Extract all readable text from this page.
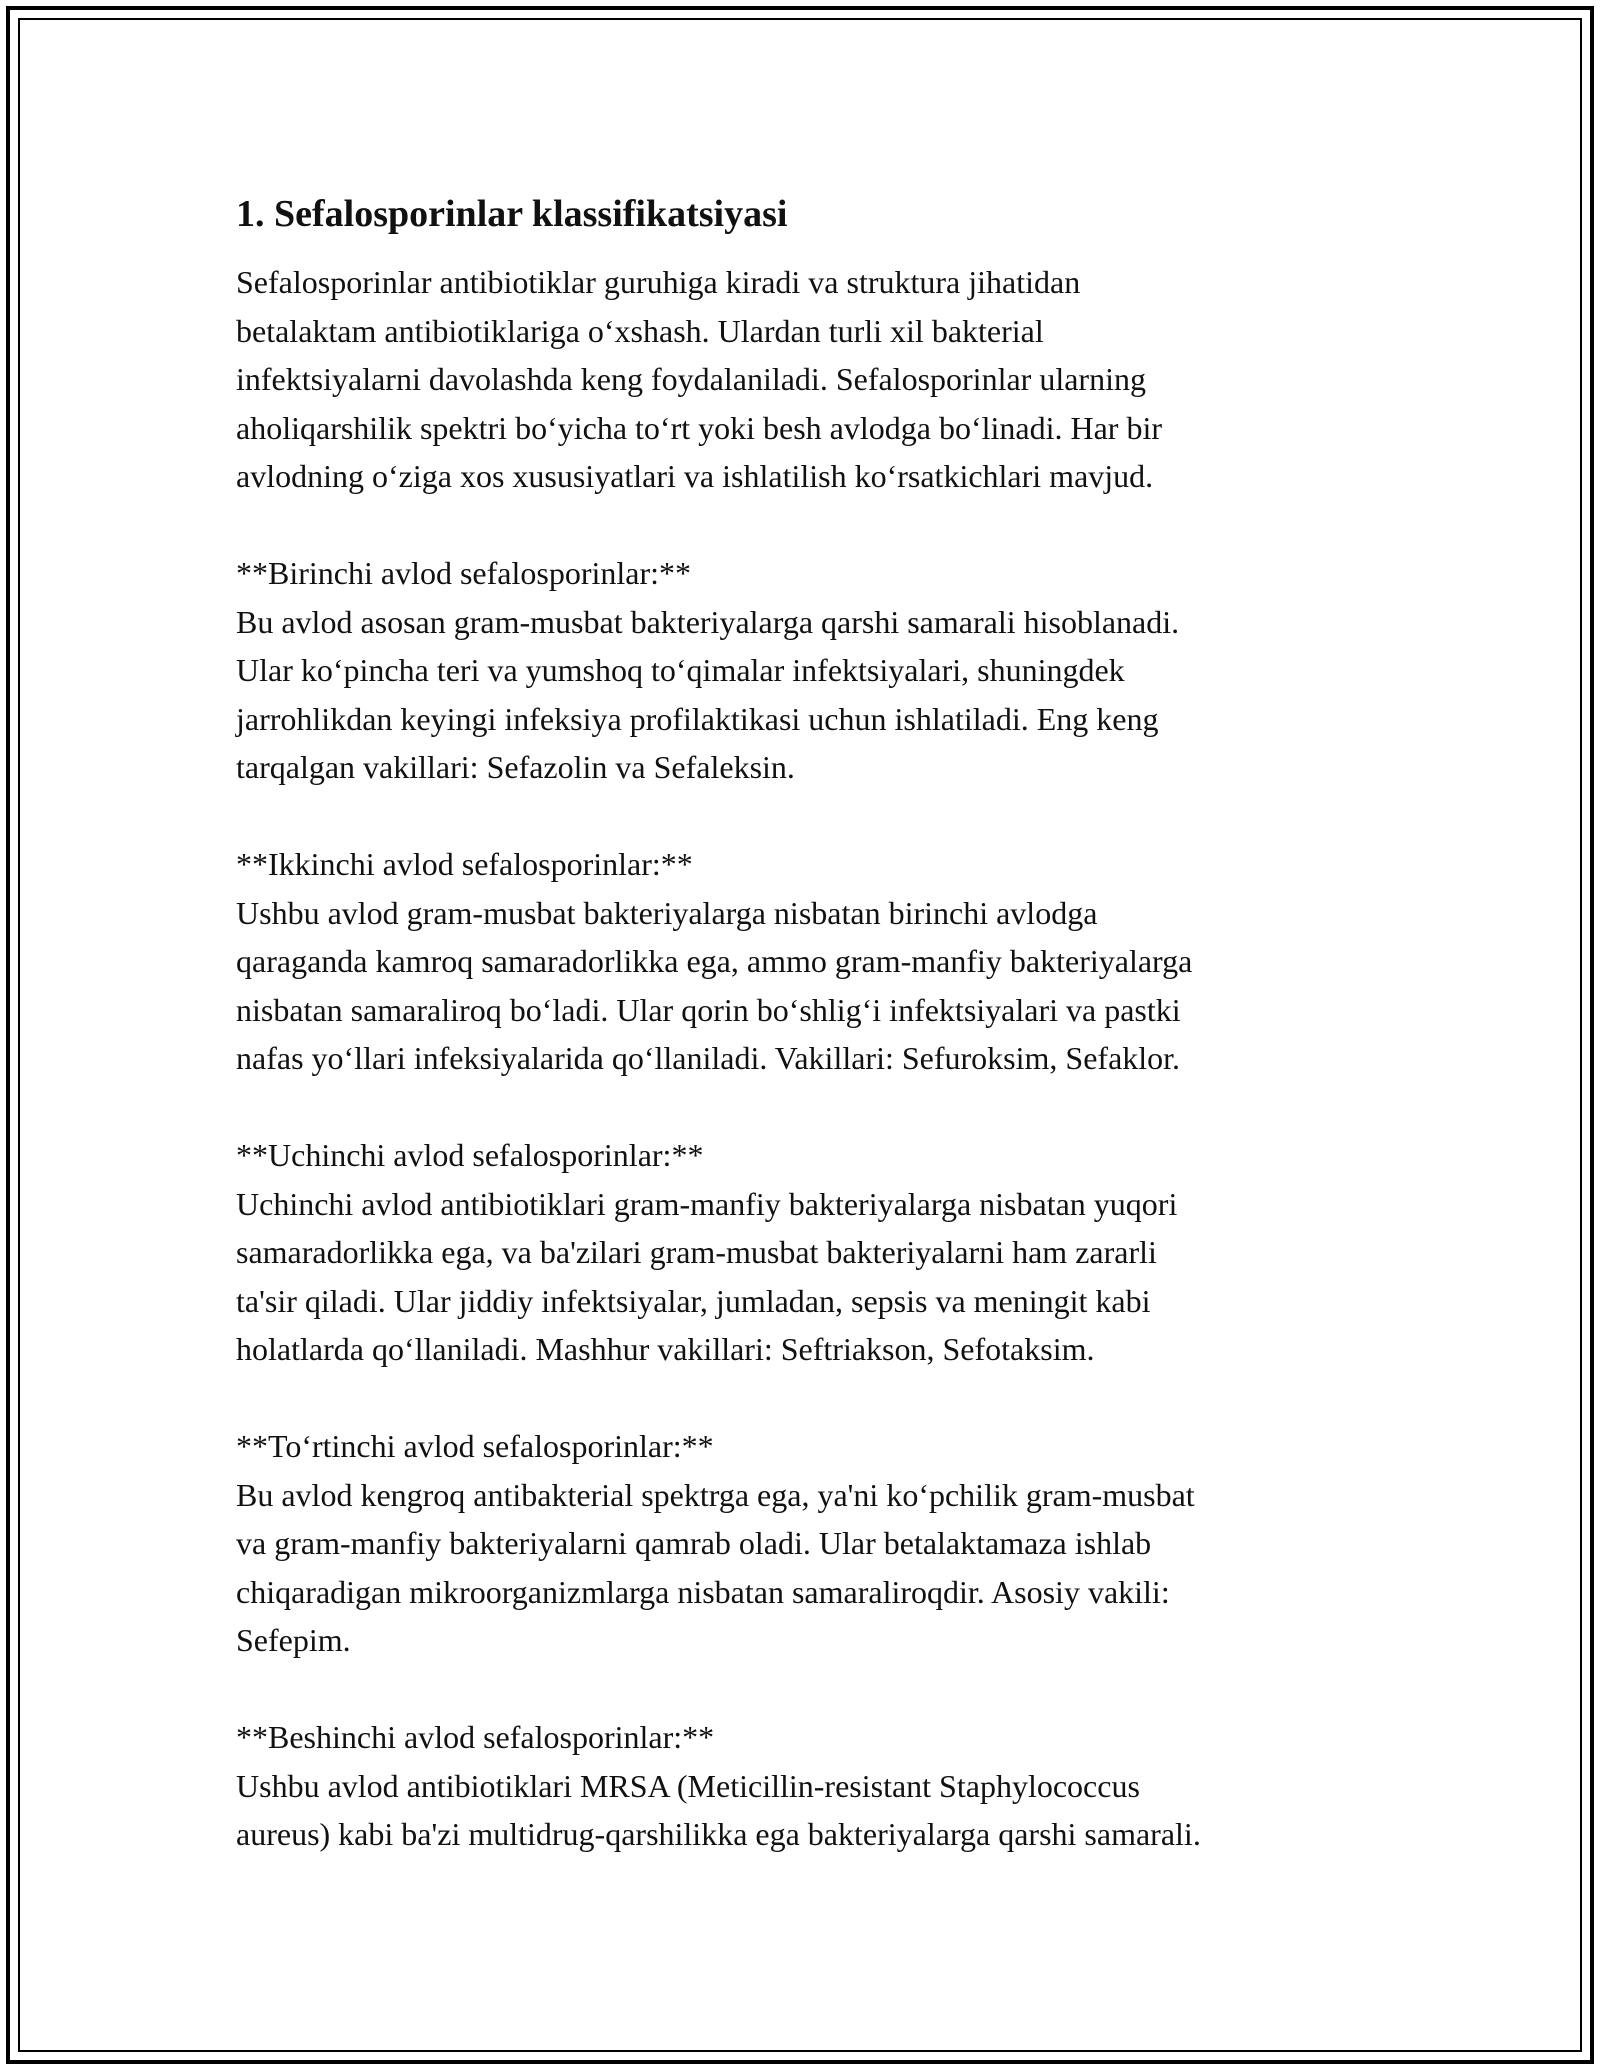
1. Sefalosporinlar klassifikatsiyasi

Sefalosporinlar antibiotiklar guruhiga kiradi va struktura jihatidan
betalaktam antibiotiklariga o‘xshash. Ulardan turli xil bakterial
infektsiyalarni davolashda keng foydalaniladi. Sefalosporinlar ularning
aholiqarshilik spektri bo‘yicha to‘rt yoki besh avlodga bo‘linadi. Har bir
avlodning o‘ziga xos xususiyatlari va ishlatilish ko‘rsatkichlari mavjud.

**Birinchi avlod sefalosporinlar:**

Bu avlod asosan gram-musbat bakteriyalarga qarshi samarali hisoblanadi.
Ular ko‘pincha teri va yumshoq to‘qimalar infektsiyalari, shuningdek
jarrohlikdan keyingi infeksiya profilaktikasi uchun ishlatiladi. Eng keng
tarqalgan vakillari: Sefazolin va Sefaleksin.

**Ikkinchi avlod sefalosporinlar:**

Ushbu avlod gram-musbat bakteriyalarga nisbatan birinchi avlodga
qaraganda kamroq samaradorlikka ega, ammo gram-manfiy bakteriyalarga
nisbatan samaraliroq bo‘ladi. Ular qorin bo‘shlig‘i infektsiyalari va pastki
nafas yo‘llari infeksiyalarida qo‘llaniladi. Vakillari: Sefuroksim, Sefaklor.

**Uchinchi avlod sefalosporinlar:**

Uchinchi avlod antibiotiklari gram-manfiy bakteriyalarga nisbatan yuqori
samaradorlikka ega, va ba'zilari gram-musbat bakteriyalarni ham zararli
ta'sir qiladi. Ular jiddiy infektsiyalar, jumladan, sepsis va meningit kabi
holatlarda qo‘llaniladi. Mashhur vakillari: Seftriakson, Sefotaksim.

**To‘rtinchi avlod sefalosporinlar:**

Bu avlod kengroq antibakterial spektrga ega, ya'ni ko‘pchilik gram-musbat
va gram-manfiy bakteriyalarni qamrab oladi. Ular betalaktamaza ishlab
chiqaradigan mikroorganizmlarga nisbatan samaraliroqdir. Asosiy vakili:
Sefepim.

**Beshinchi avlod sefalosporinlar:**

Ushbu avlod antibiotiklari MRSA (Meticillin-resistant Staphylococcus
aureus) kabi ba'zi multidrug-qarshilikka ega bakteriyalarga qarshi samarali.
